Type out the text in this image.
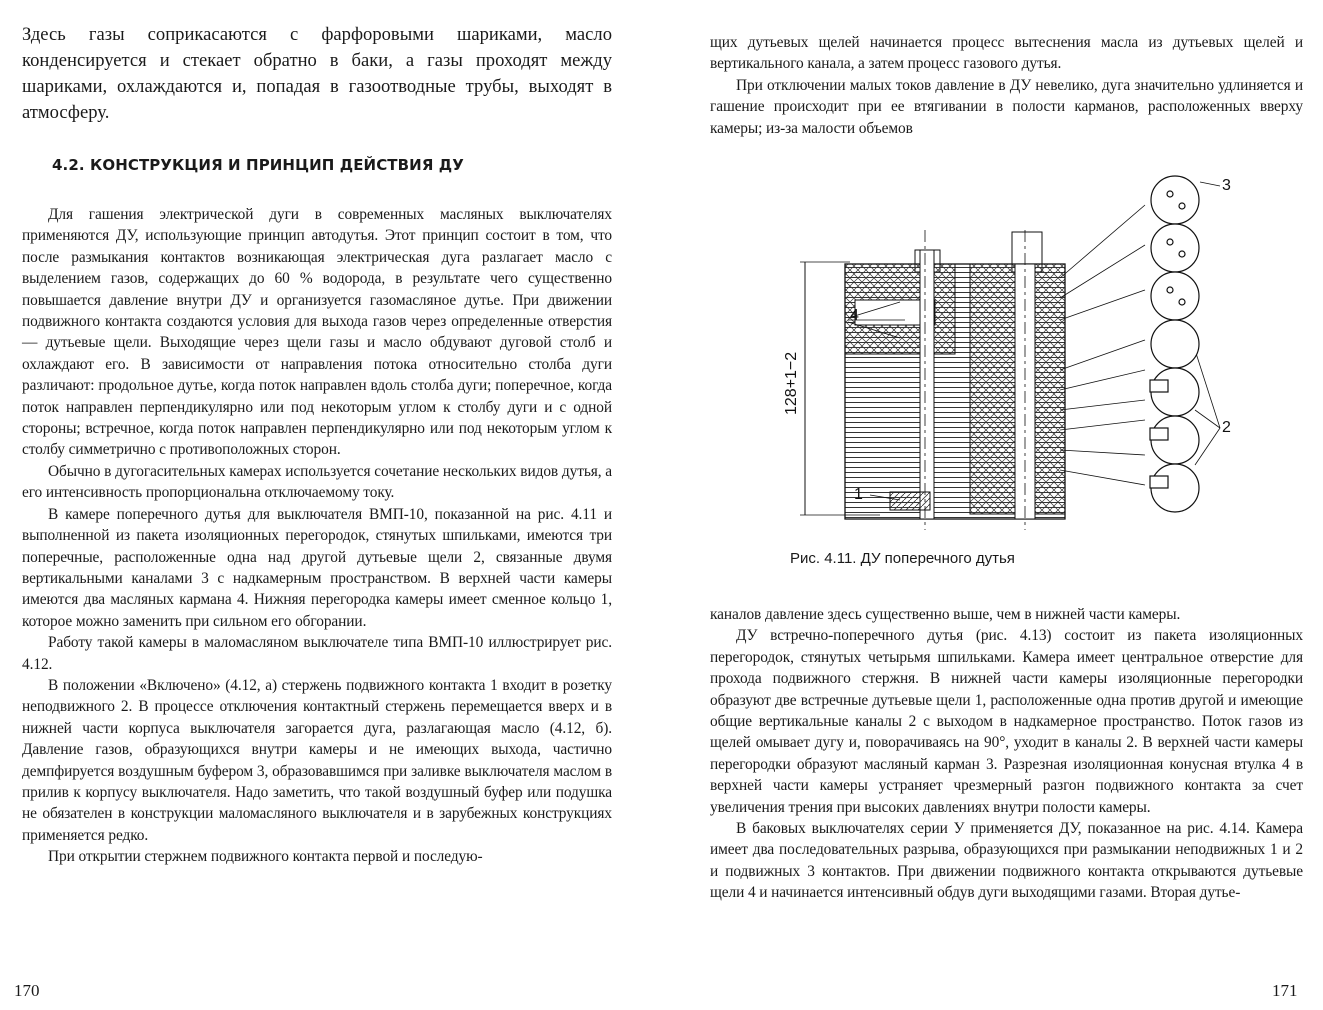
Здесь газы соприкасаются с фарфоровыми шариками, масло конденсируется и стекает обратно в баки, а газы проходят между шариками, охлаждаются и, попадая в газоотводные трубы, выходят в атмосферу.

4.2. КОНСТРУКЦИЯ И ПРИНЦИП ДЕЙСТВИЯ ДУ

Для гашения электрической дуги в современных масляных выключателях применяются ДУ, использующие принцип автодутья. Этот принцип состоит в том, что после размыкания контактов возникающая электрическая дуга разлагает масло с выделением газов, содержащих до 60 % водорода, в результате чего существенно повышается давление внутри ДУ и организуется газомасляное дутье. При движении подвижного контакта создаются условия для выхода газов через определенные отверстия — дутьевые щели. Выходящие через щели газы и масло обдувают дуговой столб и охлаждают его. В зависимости от направления потока относительно столба дуги различают: продольное дутье, когда поток направлен вдоль столба дуги; поперечное, когда поток направлен перпендикулярно или под некоторым углом к столбу дуги и с одной стороны; встречное, когда поток направлен перпендикулярно или под некоторым углом к столбу симметрично с противоположных сторон.

Обычно в дугогасительных камерах используется сочетание нескольких видов дутья, а его интенсивность пропорциональна отключаемому току.

В камере поперечного дутья для выключателя ВМП-10, показанной на рис. 4.11 и выполненной из пакета изоляционных перегородок, стянутых шпильками, имеются три поперечные, расположенные одна над другой дутьевые щели 2, связанные двумя вертикальными каналами 3 с надкамерным пространством. В верхней части камеры имеются два масляных кармана 4. Нижняя перегородка камеры имеет сменное кольцо 1, которое можно заменить при сильном его обгорании.

Работу такой камеры в маломасляном выключателе типа ВМП-10 иллюстрирует рис. 4.12.

В положении «Включено» (4.12, а) стержень подвижного контакта 1 входит в розетку неподвижного 2. В процессе отключения контактный стержень перемещается вверх и в нижней части корпуса выключателя загорается дуга, разлагающая масло (4.12, б). Давление газов, образующихся внутри камеры и не имеющих выхода, частично демпфируется воздушным буфером 3, образовавшимся при заливке выключателя маслом в прилив к корпусу выключателя. Надо заметить, что такой воздушный буфер или подушка не обязателен в конструкции маломасляного выключателя и в зарубежных конструкциях применяется редко.

При открытии стержнем подвижного контакта первой и последую-

170

щих дутьевых щелей начинается процесс вытеснения масла из дутьевых щелей и вертикального канала, а затем процесс газового дутья.

При отключении малых токов давление в ДУ невелико, дуга значительно удлиняется и гашение происходит при ее втягивании в полости карманов, расположенных вверху камеры; из-за малости объемов

каналов давление здесь существенно выше, чем в нижней части камеры.

ДУ встречно-поперечного дутья (рис. 4.13) состоит из пакета изоляционных перегородок, стянутых четырьмя шпильками. Камера имеет центральное отверстие для прохода подвижного стержня. В нижней части камеры изоляционные перегородки образуют две встречные дутьевые щели 1, расположенные одна против другой и имеющие общие вертикальные каналы 2 с выходом в надкамерное пространство. Поток газов из щелей омывает дугу и, поворачиваясь на 90°, уходит в каналы 2. В верхней части камеры перегородки образуют масляный карман 3. Разрезная изоляционная конусная втулка 4 в верхней части камеры устраняет чрезмерный разгон подвижного контакта за счет увеличения трения при высоких давлениях внутри полости камеры.

В баковых выключателях серии У применяется ДУ, показанное на рис. 4.14. Камера имеет два последовательных разрыва, образующихся при размыкании неподвижных 1 и 2 и подвижных 3 контактов. При движении подвижного контакта открываются дутьевые щели 4 и начинается интенсивный обдув дуги выходящими газами. Вторая дутье-

128+1−2
4
1
3
2
Рис. 4.11. ДУ поперечного дутья
171
